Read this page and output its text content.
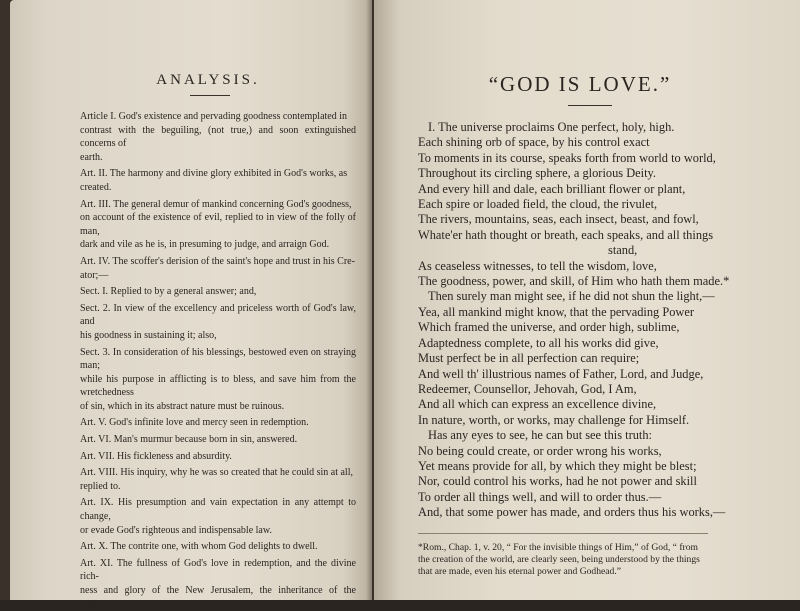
ANALYSIS.

Article I. God's existence and pervading goodness contemplated in

contrast with the beguiling, (not true,) and soon extinguished concerns of

earth.

Art. II. The harmony and divine glory exhibited in God's works, as

created.

Art. III. The general demur of mankind concerning God's goodness,

on account of the existence of evil, replied to in view of the folly of man,

dark and vile as he is, in presuming to judge, and arraign God.

Art. IV. The scoffer's derision of the saint's hope and trust in his Cre-

ator;—

Sect. I. Replied to by a general answer; and,

Sect. 2. In view of the excellency and priceless worth of God's law, and

his goodness in sustaining it; also,

Sect. 3. In consideration of his blessings, bestowed even on straying man;

while his purpose in afflicting is to bless, and save him from the wretchedness

of sin, which in its abstract nature must be ruinous.

Art. V. God's infinite love and mercy seen in redemption.

Art. VI. Man's murmur because born in sin, answered.

Art. VII. His fickleness and absurdity.

Art. VIII. His inquiry, why he was so created that he could sin at all,

replied to.

Art. IX. His presumption and vain expectation in any attempt to change,

or evade God's righteous and indispensable law.

Art. X. The contrite one, with whom God delights to dwell.

Art. XI. The fullness of God's love in redemption, and the divine rich-

ness and glory of the New Jerusalem, the inheritance of the redeemed.

“GOD IS LOVE.”
I. The universe proclaims One perfect, holy, high.
Each shining orb of space, by his control exact
To moments in its course, speaks forth from world to world,
Throughout its circling sphere, a glorious Deity.
And every hill and dale, each brilliant flower or plant,
Each spire or loaded field, the cloud, the rivulet,
The rivers, mountains, seas, each insect, beast, and fowl,
Whate'er hath thought or breath, each speaks, and all things
stand,
As ceaseless witnesses, to tell the wisdom, love,
The goodness, power, and skill, of Him who hath them made.*
Then surely man might see, if he did not shun the light,—
Yea, all mankind might know, that the pervading Power
Which framed the universe, and order high, sublime,
Adaptedness complete, to all his works did give,
Must perfect be in all perfection can require;
And well th' illustrious names of Father, Lord, and Judge,
Redeemer, Counsellor, Jehovah, God, I Am,
And all which can express an excellence divine,
In nature, worth, or works, may challenge for Himself.
Has any eyes to see, he can but see this truth:
No being could create, or order wrong his works,
Yet means provide for all, by which they might be blest;
Nor, could control his works, had he not power and skill
To order all things well, and will to order thus.—
And, that some power has made, and orders thus his works,—

*Rom., Chap. 1, v. 20, “ For the invisible things of Him,” of God, “ from

the creation of the world, are clearly seen, being understood by the things

that are made, even his eternal power and Godhead.”
